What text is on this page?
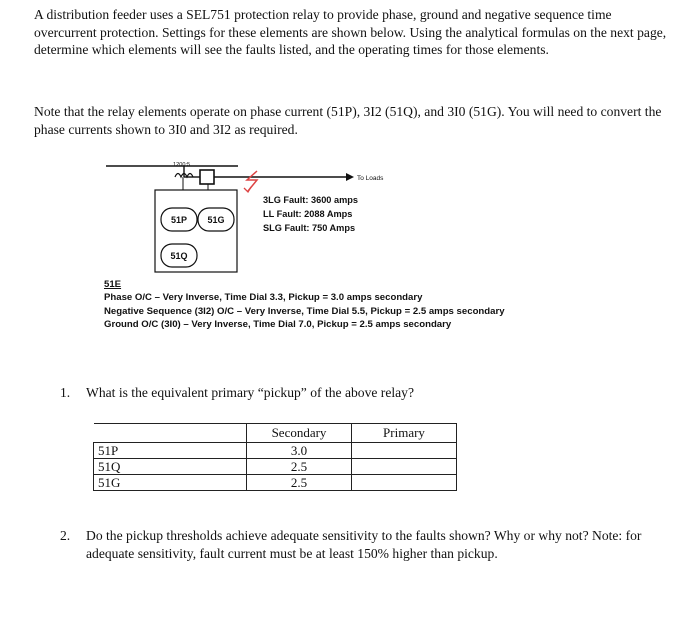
A distribution feeder uses a SEL751 protection relay to provide phase, ground and negative sequence time overcurrent protection. Settings for these elements are shown below. Using the analytical formulas on the next page, determine which elements will see the faults listed, and the operating times for those elements.

Note that the relay elements operate on phase current (51P), 3I2 (51Q), and 3I0 (51G). You will need to convert the phase currents shown to 3I0 and 3I2 as required.

To Loads
1200:5
51P 51G
51Q
3LG Fault: 3600 amps
LL Fault: 2088 Amps
SLG Fault: 750 Amps
51E
Phase O/C – Very Inverse, Time Dial 3.3, Pickup = 3.0 amps secondary
Negative Sequence (3I2) O/C – Very Inverse, Time Dial 5.5, Pickup = 2.5 amps secondary
Ground O/C (3I0) – Very Inverse, Time Dial 7.0, Pickup = 2.5 amps secondary
1. What is the equivalent primary “pickup” of the above relay?
	Secondary	Primary
51P	3.0	
51Q	2.5	
51G	2.5	
2. Do the pickup thresholds achieve adequate sensitivity to the faults shown? Why or why not? Note: for adequate sensitivity, fault current must be at least 150% higher than pickup.
